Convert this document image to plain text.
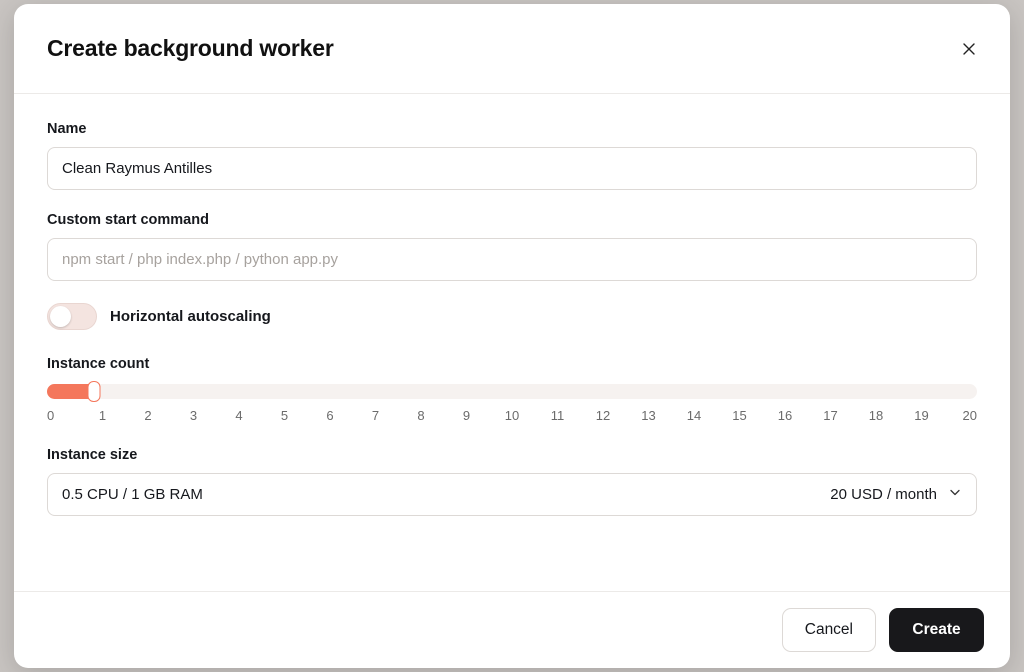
Create background worker
Name
Clean Raymus Antilles
Custom start command
npm start / php index.php / python app.py
Horizontal autoscaling
Instance count
0	1	2	3	4	5	6	7	8	9	10 11 12 13 14 15 16 17 18 19	20
Instance size
0.5 CPU / 1 GB RAM	20 USD / month
Cancel	Create
